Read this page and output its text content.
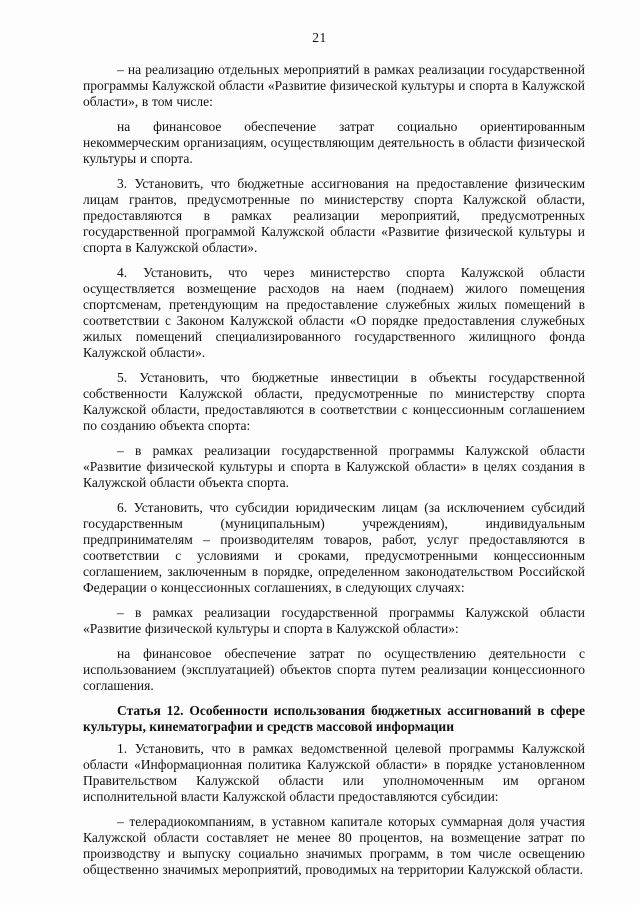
21

– на реализацию отдельных мероприятий в рамках реализации государственной программы Калужской области «Развитие физической культуры и спорта в Калужской области», в том числе:

на финансовое обеспечение затрат социально ориентированным некоммерческим организациям, осуществляющим деятельность в области физической культуры и спорта.

3. Установить, что бюджетные ассигнования на предоставление физическим лицам грантов, предусмотренные по министерству спорта Калужской области, предоставляются в рамках реализации мероприятий, предусмотренных государственной программой Калужской области «Развитие физической культуры и спорта в Калужской области».

4. Установить, что через министерство спорта Калужской области осуществляется возмещение расходов на наем (поднаем) жилого помещения спортсменам, претендующим на предоставление служебных жилых помещений в соответствии с Законом Калужской области «О порядке предоставления служебных жилых помещений специализированного государственного жилищного фонда Калужской области».

5. Установить, что бюджетные инвестиции в объекты государственной собственности Калужской области, предусмотренные по министерству спорта Калужской области, предоставляются в соответствии с концессионным соглашением по созданию объекта спорта:

– в рамках реализации государственной программы Калужской области «Развитие физической культуры и спорта в Калужской области» в целях создания в Калужской области объекта спорта.

6. Установить, что субсидии юридическим лицам (за исключением субсидий государственным (муниципальным) учреждениям), индивидуальным предпринимателям – производителям товаров, работ, услуг предоставляются в соответствии с условиями и сроками, предусмотренными концессионным соглашением, заключенным в порядке, определенном законодательством Российской Федерации о концессионных соглашениях, в следующих случаях:

– в рамках реализации государственной программы Калужской области «Развитие физической культуры и спорта в Калужской области»:

на финансовое обеспечение затрат по осуществлению деятельности с использованием (эксплуатацией) объектов спорта путем реализации концессионного соглашения.

Статья 12. Особенности использования бюджетных ассигнований в сфере культуры, кинематографии и средств массовой информации

1. Установить, что в рамках ведомственной целевой программы Калужской области «Информационная политика Калужской области» в порядке установленном Правительством Калужской области или уполномоченным им органом исполнительной власти Калужской области предоставляются субсидии:

– телерадиокомпаниям, в уставном капитале которых суммарная доля участия Калужской области составляет не менее 80 процентов, на возмещение затрат по производству и выпуску социально значимых программ, в том числе освещению общественно значимых мероприятий, проводимых на территории Калужской области.
